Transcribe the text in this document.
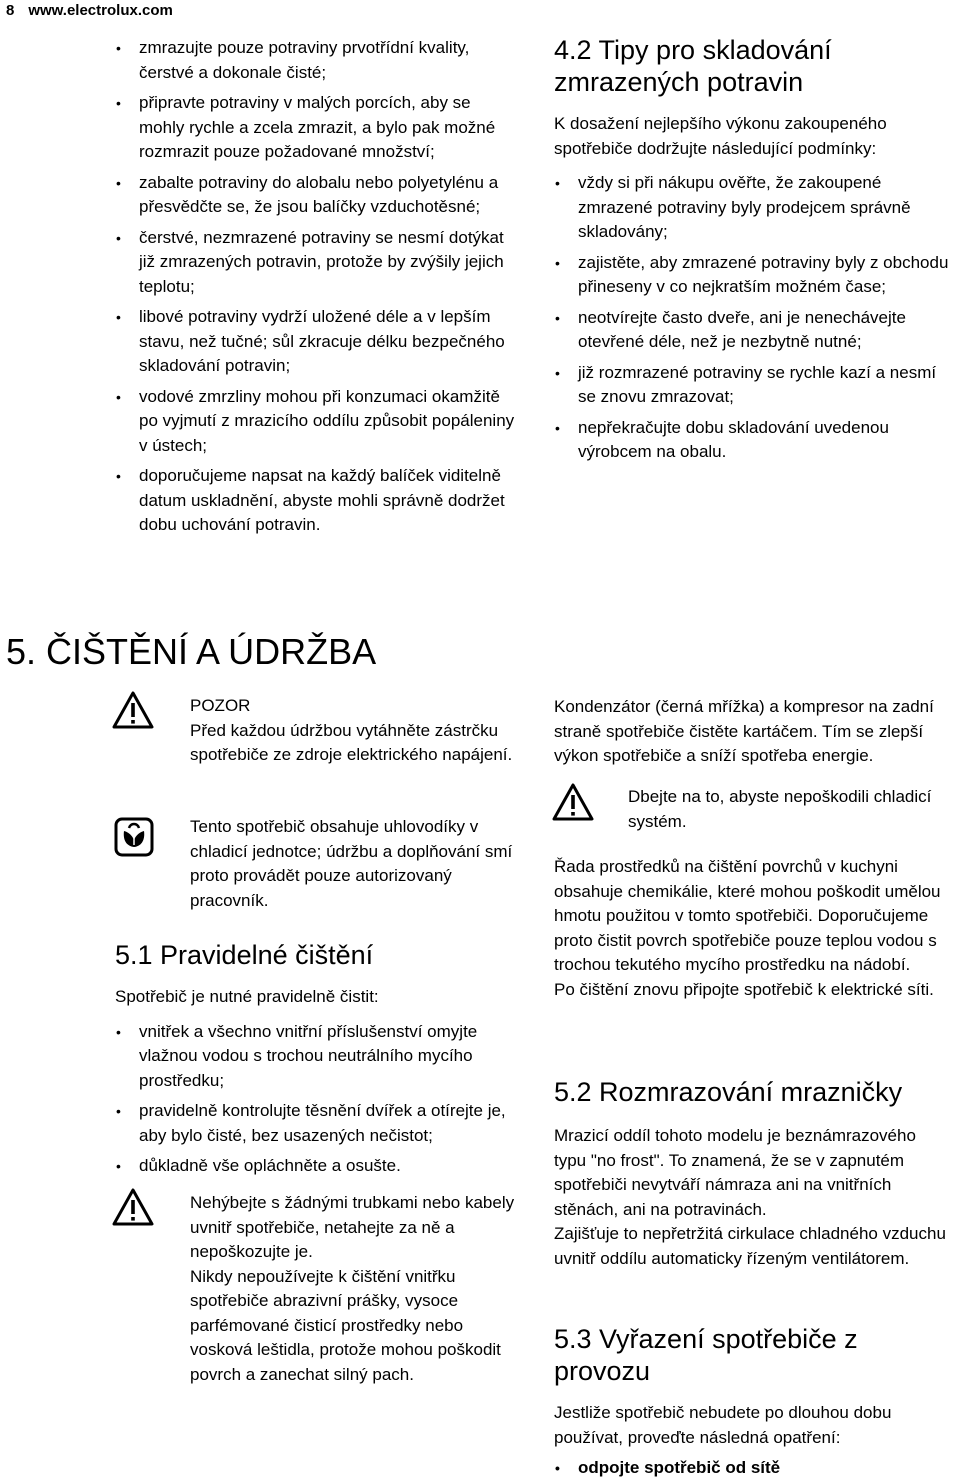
8 www.electrolux.com
• zmrazujte pouze potraviny prvotřídní kvality, čerstvé a dokonale čisté;
• připravte potraviny v malých porcích, aby se mohly rychle a zcela zmrazit, a bylo pak možné rozmrazit pouze požadované množství;
• zabalte potraviny do alobalu nebo polyetylénu a přesvědčte se, že jsou balíčky vzduchotěsné;
• čerstvé, nezmrazené potraviny se nesmí dotýkat již zmrazených potravin, protože by zvýšily jejich teplotu;
• libové potraviny vydrží uložené déle a v lepším stavu, než tučné; sůl zkracuje délku bezpečného skladování potravin;
• vodové zmrzliny mohou při konzumaci okamžitě po vyjmutí z mrazicího oddílu způsobit popáleniny v ústech;
• doporučujeme napsat na každý balíček viditelně datum uskladnění, abyste mohli správně dodržet dobu uchování potravin.

4.2 Tipy pro skladování zmrazených potravin

K dosažení nejlepšího výkonu zakoupeného spotřebiče dodržujte následující podmínky:

• vždy si při nákupu ověřte, že zakoupené zmrazené potraviny byly prodejcem správně skladovány;
• zajistěte, aby zmrazené potraviny byly z obchodu přineseny v co nejkratším možném čase;
• neotvírejte často dveře, ani je nenechávejte otevřené déle, než je nezbytně nutné;
• již rozmrazené potraviny se rychle kazí a nesmí se znovu zmrazovat;
• nepřekračujte dobu skladování uvedenou výrobcem na obalu.
5. ČIŠTĚNÍ A ÚDRŽBA

POZOR

Před každou údržbou vytáhněte zástrčku spotřebiče ze zdroje elektrického napájení.

Tento spotřebič obsahuje uhlovodíky v chladicí jednotce; údržbu a doplňování smí proto provádět pouze autorizovaný pracovník.

5.1 Pravidelné čištění

Spotřebič je nutné pravidelně čistit:

• vnitřek a všechno vnitřní příslušenství omyjte vlažnou vodou s trochou neutrálního mycího prostředku;
• pravidelně kontrolujte těsnění dvířek a otírejte je, aby bylo čisté, bez usazených nečistot;
• důkladně vše opláchněte a osušte.

Nehýbejte s žádnými trubkami nebo kabely uvnitř spotřebiče, netahejte za ně a nepoškozujte je.

Nikdy nepoužívejte k čištění vnitřku spotřebiče abrazivní prášky, vysoce parfémované čisticí prostředky nebo vosková leštidla, protože mohou poškodit povrch a zanechat silný pach.

Kondenzátor (černá mřížka) a kompresor na zadní straně spotřebiče čistěte kartáčem. Tím se zlepší výkon spotřebiče a sníží spotřeba energie.

Dbejte na to, abyste nepoškodili chladicí systém.

Řada prostředků na čištění povrchů v kuchyni obsahuje chemikálie, které mohou poškodit umělou hmotu použitou v tomto spotřebiči. Doporučujeme proto čistit povrch spotřebiče pouze teplou vodou s trochou tekutého mycího prostředku na nádobí.

Po čištění znovu připojte spotřebič k elektrické síti.

5.2 Rozmrazování mrazničky

Mrazicí oddíl tohoto modelu je beznámrazového typu "no frost". To znamená, že se v zapnutém spotřebiči nevytváří námraza ani na vnitřních stěnách, ani na potravinách.

Zajišťuje to nepřetržitá cirkulace chladného vzduchu uvnitř oddílu automaticky řízeným ventilátorem.

5.3 Vyřazení spotřebiče z provozu

Jestliže spotřebič nebudete po dlouhou dobu používat, proveďte následná opatření:

• odpojte spotřebič od sítě
